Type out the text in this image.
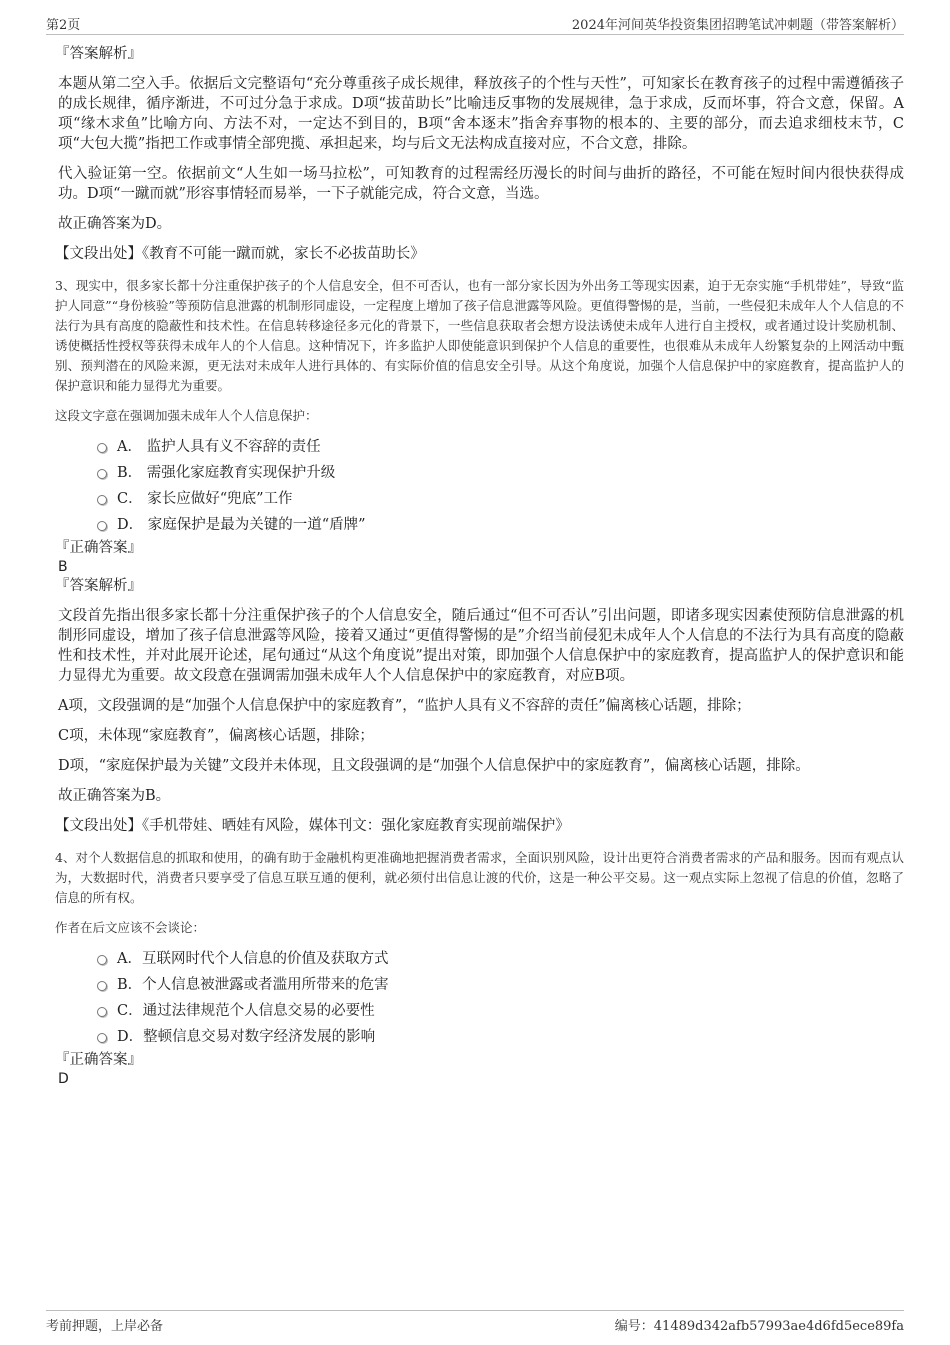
第2页	2024年河间英华投资集团招聘笔试冲刺题（带答案解析）

『答案解析』

本题从第二空入手。依据后文完整语句“充分尊重孩子成长规律，释放孩子的个性与天性”，可知家长在教育孩子的过程中需遵循孩子的成长规律，循序渐进，不可过分急于求成。D项“拔苗助长”比喻违反事物的发展规律，急于求成，反而坏事，符合文意，保留。A项“缘木求鱼”比喻方向、方法不对，一定达不到目的，B项“舍本逐末”指舍弃事物的根本的、主要的部分，而去追求细枝末节，C项“大包大揽”指把工作或事情全部兜揽、承担起来，均与后文无法构成直接对应，不合文意，排除。

代入验证第一空。依据前文“人生如一场马拉松”，可知教育的过程需经历漫长的时间与曲折的路径，不可能在短时间内很快获得成功。D项“一蹴而就”形容事情轻而易举，一下子就能完成，符合文意，当选。

故正确答案为D。

【文段出处】《教育不可能一蹴而就，家长不必拔苗助长》

3、现实中，很多家长都十分注重保护孩子的个人信息安全，但不可否认，也有一部分家长因为外出务工等现实因素，迫于无奈实施“手机带娃”，导致“监护人同意”“身份核验”等预防信息泄露的机制形同虚设，一定程度上增加了孩子信息泄露等风险。更值得警惕的是，当前，一些侵犯未成年人个人信息的不法行为具有高度的隐蔽性和技术性。在信息转移途径多元化的背景下，一些信息获取者会想方设法诱使未成年人进行自主授权，或者通过设计奖励机制、诱使概括性授权等获得未成年人的个人信息。这种情况下，许多监护人即使能意识到保护个人信息的重要性，也很难从未成年人纷繁复杂的上网活动中甄别、预判潜在的风险来源，更无法对未成年人进行具体的、有实际价值的信息安全引导。从这个角度说，加强个人信息保护中的家庭教育，提高监护人的保护意识和能力显得尤为重要。

这段文字意在强调加强未成年人个人信息保护：

A． 监护人具有义不容辞的责任
B． 需强化家庭教育实现保护升级
C． 家长应做好“兜底”工作
D． 家庭保护是最为关键的一道“盾牌”

『正确答案』

B

『答案解析』

文段首先指出很多家长都十分注重保护孩子的个人信息安全，随后通过“但不可否认”引出问题，即诸多现实因素使预防信息泄露的机制形同虚设，增加了孩子信息泄露等风险，接着又通过“更值得警惕的是”介绍当前侵犯未成年人个人信息的不法行为具有高度的隐蔽性和技术性，并对此展开论述，尾句通过“从这个角度说”提出对策，即加强个人信息保护中的家庭教育，提高监护人的保护意识和能力显得尤为重要。故文段意在强调需加强未成年人个人信息保护中的家庭教育，对应B项。

A项，文段强调的是“加强个人信息保护中的家庭教育”，“监护人具有义不容辞的责任”偏离核心话题，排除；

C项，未体现“家庭教育”，偏离核心话题，排除；

D项，“家庭保护最为关键”文段并未体现，且文段强调的是“加强个人信息保护中的家庭教育”，偏离核心话题，排除。

故正确答案为B。

【文段出处】《手机带娃、晒娃有风险，媒体刊文：强化家庭教育实现前端保护》

4、对个人数据信息的抓取和使用，的确有助于金融机构更准确地把握消费者需求，全面识别风险，设计出更符合消费者需求的产品和服务。因而有观点认为，大数据时代，消费者只要享受了信息互联互通的便利，就必须付出信息让渡的代价，这是一种公平交易。这一观点实际上忽视了信息的价值，忽略了信息的所有权。

作者在后文应该不会谈论：

A．互联网时代个人信息的价值及获取方式
B．个人信息被泄露或者滥用所带来的危害
C．通过法律规范个人信息交易的必要性
D．整顿信息交易对数字经济发展的影响

『正确答案』

D

考前押题，上岸必备	编号：41489d342afb57993ae4d6fd5ece89fa
